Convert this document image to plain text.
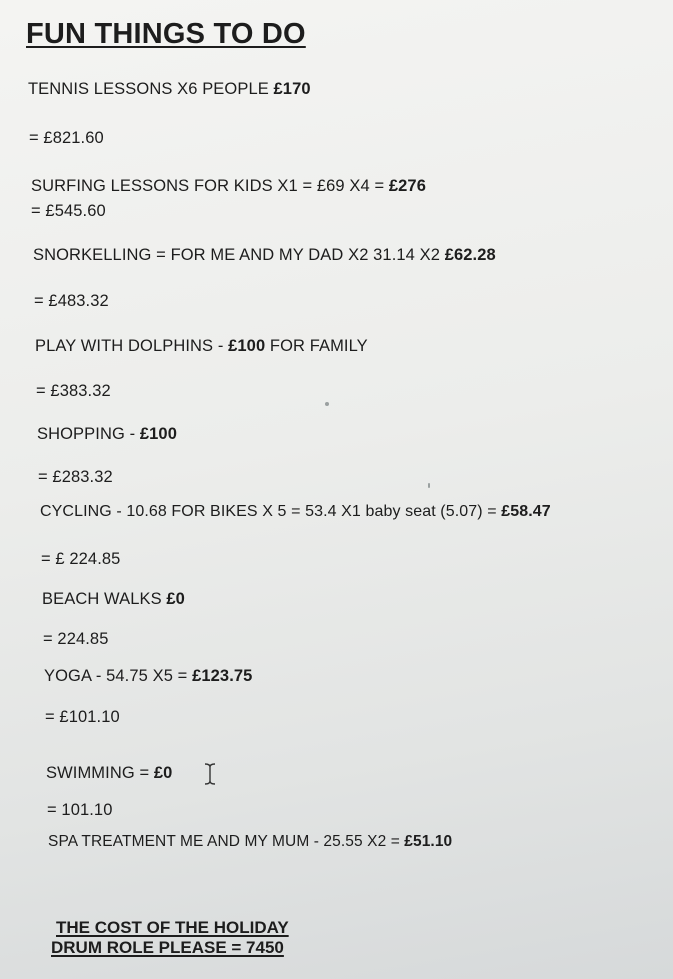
FUN THINGS TO DO
TENNIS LESSONS X6 PEOPLE £170
= £821.60
SURFING LESSONS FOR KIDS X1 = £69 X4 = £276
= £545.60
SNORKELLING = FOR ME AND MY DAD X2 31.14 X2 £62.28
= £483.32
PLAY WITH DOLPHINS - £100 FOR FAMILY
= £383.32
SHOPPING - £100
= £283.32
CYCLING - 10.68 FOR BIKES X 5 = 53.4 X1 baby seat (5.07) = £58.47
= £ 224.85
BEACH WALKS £0
= 224.85
YOGA - 54.75 X5 = £123.75
= £101.10
SWIMMING = £0
= 101.10
SPA TREATMENT ME AND MY MUM - 25.55 X2 = £51.10
THE COST OF THE HOLIDAY
DRUM ROLE PLEASE = 7450
